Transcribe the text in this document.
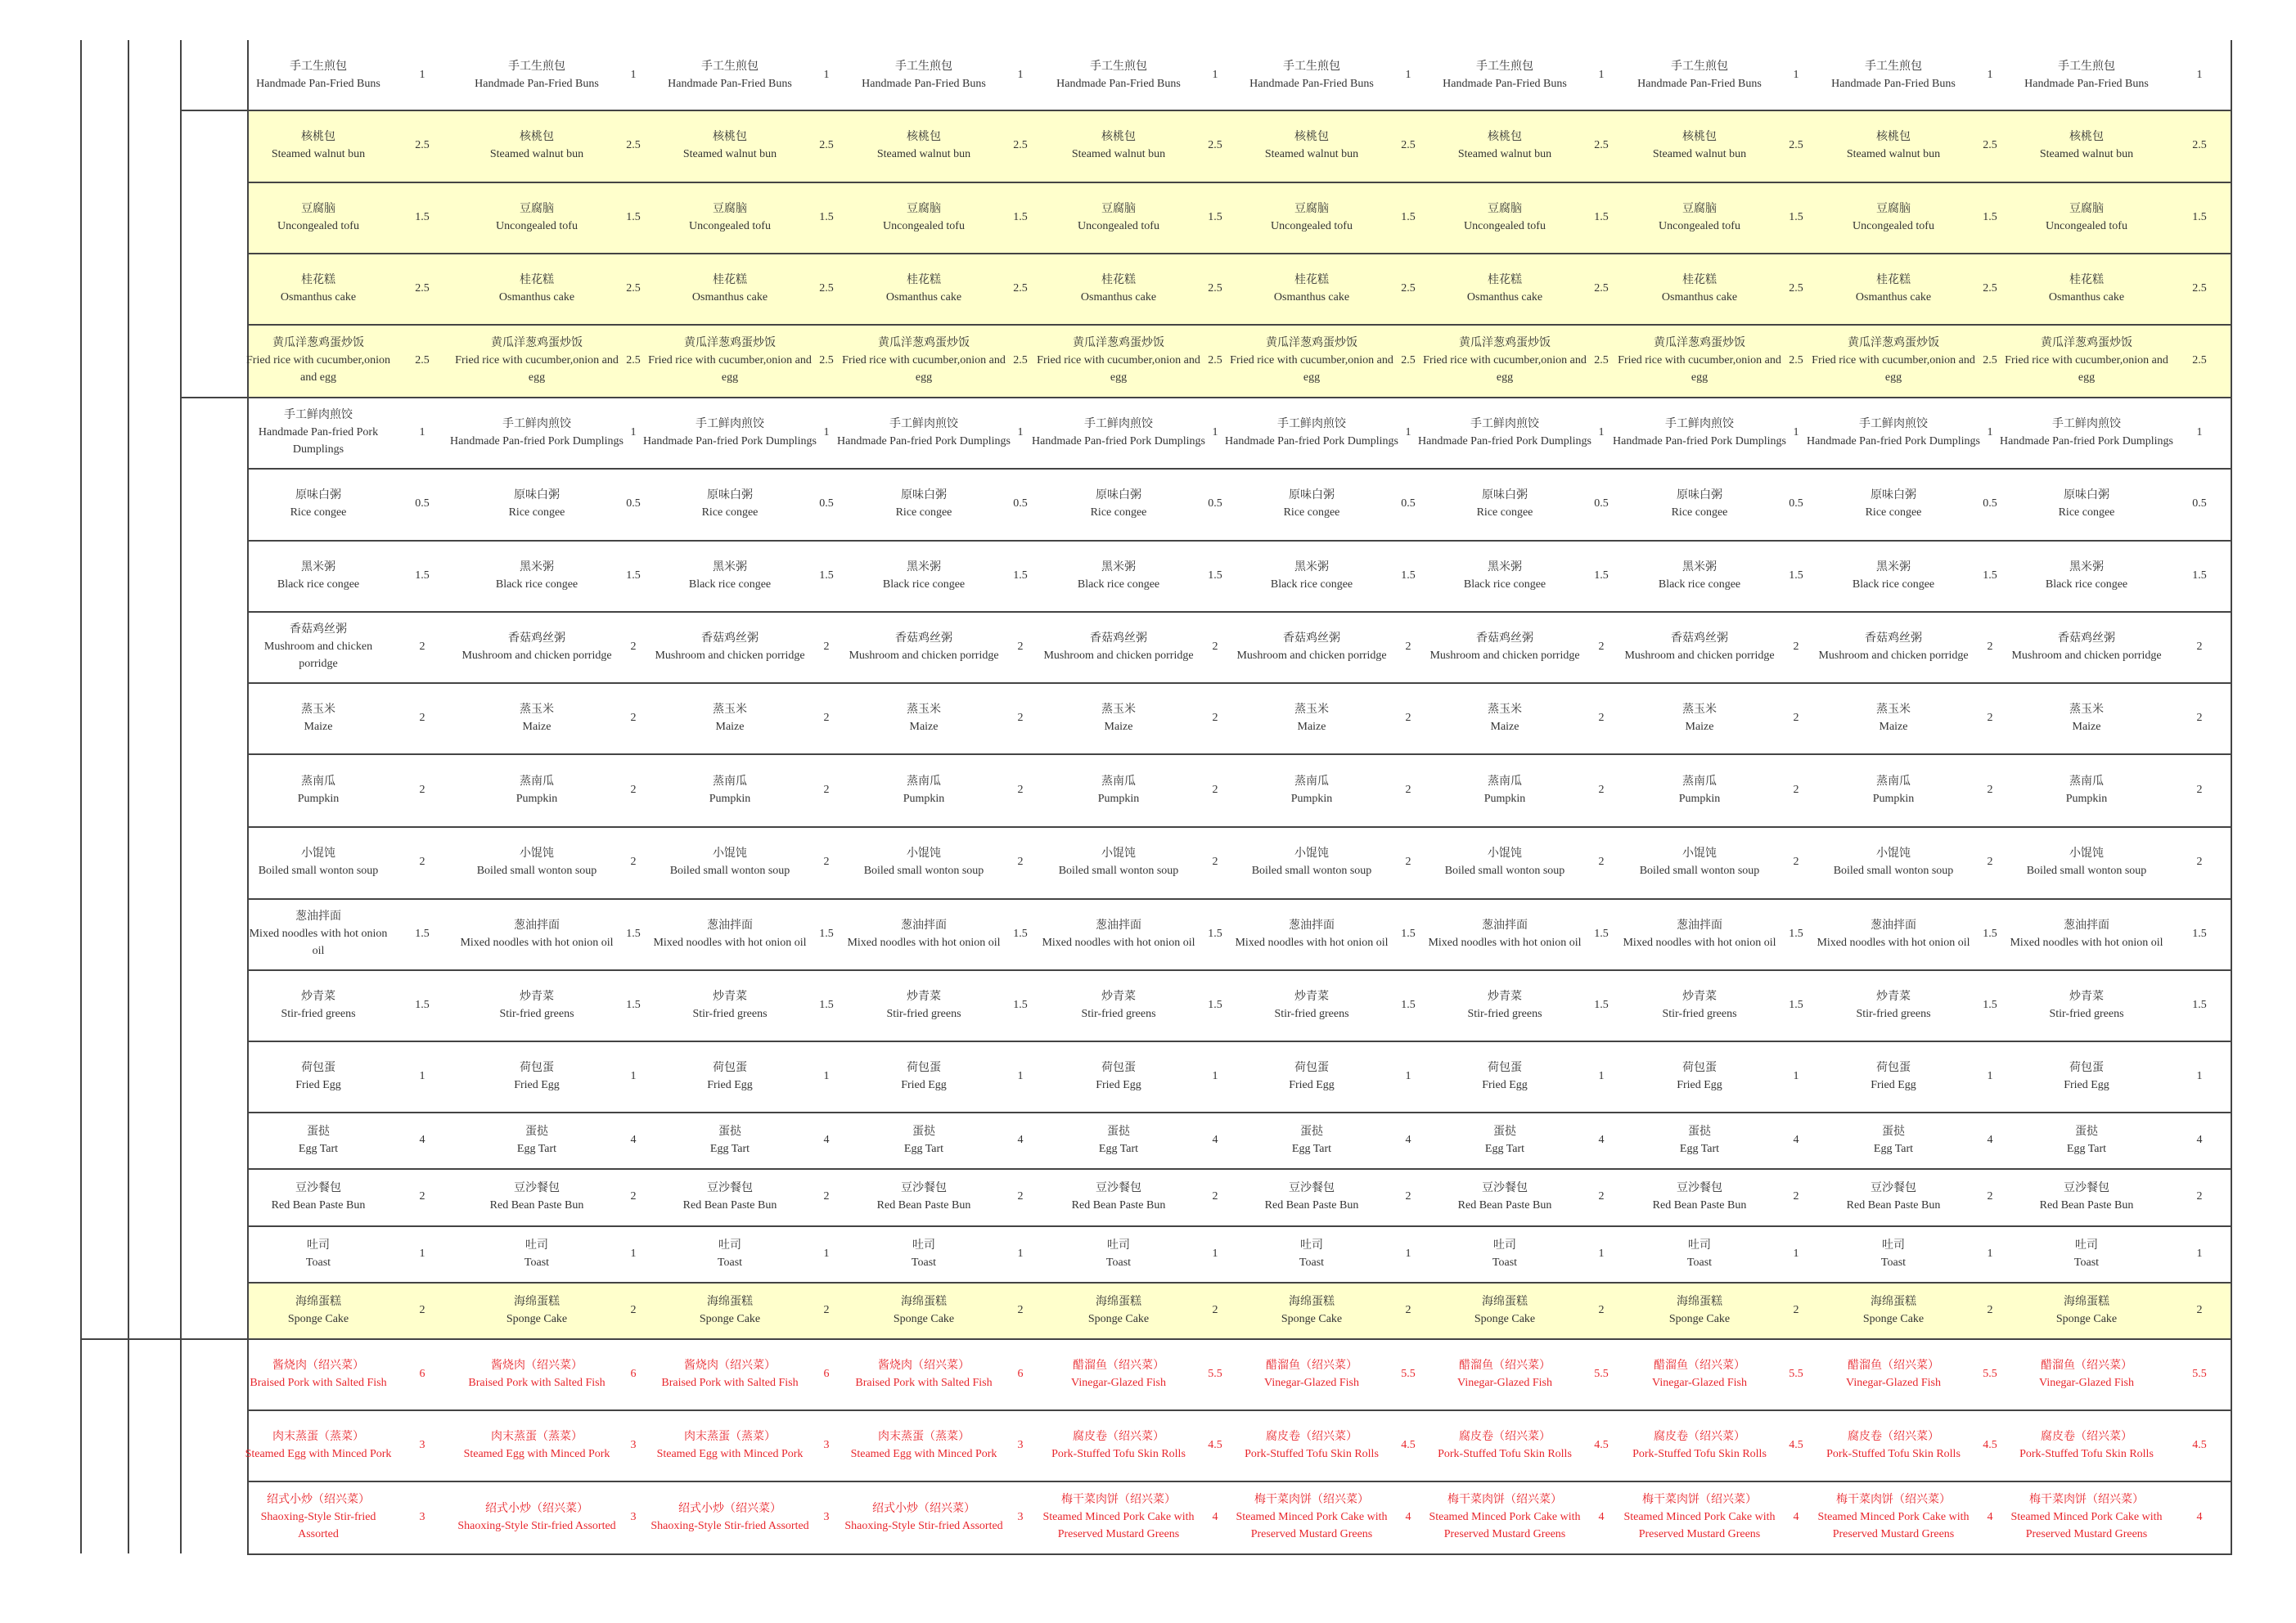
手工生煎包
Handmade Pan-Fried Buns
1
手工生煎包
Handmade Pan-Fried Buns
1
手工生煎包
Handmade Pan-Fried Buns
1
手工生煎包
Handmade Pan-Fried Buns
1
手工生煎包
Handmade Pan-Fried Buns
1
手工生煎包
Handmade Pan-Fried Buns
1
手工生煎包
Handmade Pan-Fried Buns
1
手工生煎包
Handmade Pan-Fried Buns
1
手工生煎包
Handmade Pan-Fried Buns
1
手工生煎包
Handmade Pan-Fried Buns
1
核桃包
Steamed walnut bun
2.5
核桃包
Steamed walnut bun
2.5
核桃包
Steamed walnut bun
2.5
核桃包
Steamed walnut bun
2.5
核桃包
Steamed walnut bun
2.5
核桃包
Steamed walnut bun
2.5
核桃包
Steamed walnut bun
2.5
核桃包
Steamed walnut bun
2.5
核桃包
Steamed walnut bun
2.5
核桃包
Steamed walnut bun
2.5
豆腐脑
Uncongealed tofu
1.5
豆腐脑
Uncongealed tofu
1.5
豆腐脑
Uncongealed tofu
1.5
豆腐脑
Uncongealed tofu
1.5
豆腐脑
Uncongealed tofu
1.5
豆腐脑
Uncongealed tofu
1.5
豆腐脑
Uncongealed tofu
1.5
豆腐脑
Uncongealed tofu
1.5
豆腐脑
Uncongealed tofu
1.5
豆腐脑
Uncongealed tofu
1.5
桂花糕
Osmanthus cake
2.5
桂花糕
Osmanthus cake
2.5
桂花糕
Osmanthus cake
2.5
桂花糕
Osmanthus cake
2.5
桂花糕
Osmanthus cake
2.5
桂花糕
Osmanthus cake
2.5
桂花糕
Osmanthus cake
2.5
桂花糕
Osmanthus cake
2.5
桂花糕
Osmanthus cake
2.5
桂花糕
Osmanthus cake
2.5
黄瓜洋葱鸡蛋炒饭
Fried rice with cucumber,onion and egg
2.5
黄瓜洋葱鸡蛋炒饭
Fried rice with cucumber,onion and egg
2.5
黄瓜洋葱鸡蛋炒饭
Fried rice with cucumber,onion and egg
2.5
黄瓜洋葱鸡蛋炒饭
Fried rice with cucumber,onion and egg
2.5
黄瓜洋葱鸡蛋炒饭
Fried rice with cucumber,onion and egg
2.5
黄瓜洋葱鸡蛋炒饭
Fried rice with cucumber,onion and egg
2.5
黄瓜洋葱鸡蛋炒饭
Fried rice with cucumber,onion and egg
2.5
黄瓜洋葱鸡蛋炒饭
Fried rice with cucumber,onion and egg
2.5
黄瓜洋葱鸡蛋炒饭
Fried rice with cucumber,onion and egg
2.5
黄瓜洋葱鸡蛋炒饭
Fried rice with cucumber,onion and egg
2.5
手工鲜肉煎饺
Handmade Pan-fried Pork Dumplings
1
手工鲜肉煎饺
Handmade Pan-fried Pork Dumplings
1
手工鲜肉煎饺
Handmade Pan-fried Pork Dumplings
1
手工鲜肉煎饺
Handmade Pan-fried Pork Dumplings
1
手工鲜肉煎饺
Handmade Pan-fried Pork Dumplings
1
手工鲜肉煎饺
Handmade Pan-fried Pork Dumplings
1
手工鲜肉煎饺
Handmade Pan-fried Pork Dumplings
1
手工鲜肉煎饺
Handmade Pan-fried Pork Dumplings
1
手工鲜肉煎饺
Handmade Pan-fried Pork Dumplings
1
手工鲜肉煎饺
Handmade Pan-fried Pork Dumplings
1
原味白粥
Rice congee
0.5
原味白粥
Rice congee
0.5
原味白粥
Rice congee
0.5
原味白粥
Rice congee
0.5
原味白粥
Rice congee
0.5
原味白粥
Rice congee
0.5
原味白粥
Rice congee
0.5
原味白粥
Rice congee
0.5
原味白粥
Rice congee
0.5
原味白粥
Rice congee
0.5
黑米粥
Black rice congee
1.5
黑米粥
Black rice congee
1.5
黑米粥
Black rice congee
1.5
黑米粥
Black rice congee
1.5
黑米粥
Black rice congee
1.5
黑米粥
Black rice congee
1.5
黑米粥
Black rice congee
1.5
黑米粥
Black rice congee
1.5
黑米粥
Black rice congee
1.5
黑米粥
Black rice congee
1.5
香菇鸡丝粥
Mushroom and chicken porridge
2
香菇鸡丝粥
Mushroom and chicken porridge
2
香菇鸡丝粥
Mushroom and chicken porridge
2
香菇鸡丝粥
Mushroom and chicken porridge
2
香菇鸡丝粥
Mushroom and chicken porridge
2
香菇鸡丝粥
Mushroom and chicken porridge
2
香菇鸡丝粥
Mushroom and chicken porridge
2
香菇鸡丝粥
Mushroom and chicken porridge
2
香菇鸡丝粥
Mushroom and chicken porridge
2
香菇鸡丝粥
Mushroom and chicken porridge
2
蒸玉米
Maize
2
蒸玉米
Maize
2
蒸玉米
Maize
2
蒸玉米
Maize
2
蒸玉米
Maize
2
蒸玉米
Maize
2
蒸玉米
Maize
2
蒸玉米
Maize
2
蒸玉米
Maize
2
蒸玉米
Maize
2
蒸南瓜
Pumpkin
2
蒸南瓜
Pumpkin
2
蒸南瓜
Pumpkin
2
蒸南瓜
Pumpkin
2
蒸南瓜
Pumpkin
2
蒸南瓜
Pumpkin
2
蒸南瓜
Pumpkin
2
蒸南瓜
Pumpkin
2
蒸南瓜
Pumpkin
2
蒸南瓜
Pumpkin
2
小馄饨
Boiled small wonton soup
2
小馄饨
Boiled small wonton soup
2
小馄饨
Boiled small wonton soup
2
小馄饨
Boiled small wonton soup
2
小馄饨
Boiled small wonton soup
2
小馄饨
Boiled small wonton soup
2
小馄饨
Boiled small wonton soup
2
小馄饨
Boiled small wonton soup
2
小馄饨
Boiled small wonton soup
2
小馄饨
Boiled small wonton soup
2
葱油拌面
Mixed noodles with hot onion oil
1.5
葱油拌面
Mixed noodles with hot onion oil
1.5
葱油拌面
Mixed noodles with hot onion oil
1.5
葱油拌面
Mixed noodles with hot onion oil
1.5
葱油拌面
Mixed noodles with hot onion oil
1.5
葱油拌面
Mixed noodles with hot onion oil
1.5
葱油拌面
Mixed noodles with hot onion oil
1.5
葱油拌面
Mixed noodles with hot onion oil
1.5
葱油拌面
Mixed noodles with hot onion oil
1.5
葱油拌面
Mixed noodles with hot onion oil
1.5
炒青菜
Stir-fried greens
1.5
炒青菜
Stir-fried greens
1.5
炒青菜
Stir-fried greens
1.5
炒青菜
Stir-fried greens
1.5
炒青菜
Stir-fried greens
1.5
炒青菜
Stir-fried greens
1.5
炒青菜
Stir-fried greens
1.5
炒青菜
Stir-fried greens
1.5
炒青菜
Stir-fried greens
1.5
炒青菜
Stir-fried greens
1.5
荷包蛋
Fried Egg
1
荷包蛋
Fried Egg
1
荷包蛋
Fried Egg
1
荷包蛋
Fried Egg
1
荷包蛋
Fried Egg
1
荷包蛋
Fried Egg
1
荷包蛋
Fried Egg
1
荷包蛋
Fried Egg
1
荷包蛋
Fried Egg
1
荷包蛋
Fried Egg
1
蛋挞
Egg Tart
4
蛋挞
Egg Tart
4
蛋挞
Egg Tart
4
蛋挞
Egg Tart
4
蛋挞
Egg Tart
4
蛋挞
Egg Tart
4
蛋挞
Egg Tart
4
蛋挞
Egg Tart
4
蛋挞
Egg Tart
4
蛋挞
Egg Tart
4
豆沙餐包
Red Bean Paste Bun
2
豆沙餐包
Red Bean Paste Bun
2
豆沙餐包
Red Bean Paste Bun
2
豆沙餐包
Red Bean Paste Bun
2
豆沙餐包
Red Bean Paste Bun
2
豆沙餐包
Red Bean Paste Bun
2
豆沙餐包
Red Bean Paste Bun
2
豆沙餐包
Red Bean Paste Bun
2
豆沙餐包
Red Bean Paste Bun
2
豆沙餐包
Red Bean Paste Bun
2
吐司
Toast
1
吐司
Toast
1
吐司
Toast
1
吐司
Toast
1
吐司
Toast
1
吐司
Toast
1
吐司
Toast
1
吐司
Toast
1
吐司
Toast
1
吐司
Toast
1
海绵蛋糕
Sponge Cake
2
海绵蛋糕
Sponge Cake
2
海绵蛋糕
Sponge Cake
2
海绵蛋糕
Sponge Cake
2
海绵蛋糕
Sponge Cake
2
海绵蛋糕
Sponge Cake
2
海绵蛋糕
Sponge Cake
2
海绵蛋糕
Sponge Cake
2
海绵蛋糕
Sponge Cake
2
海绵蛋糕
Sponge Cake
2
酱烧肉（绍兴菜）
Braised Pork with Salted Fish
6
酱烧肉（绍兴菜）
Braised Pork with Salted Fish
6
酱烧肉（绍兴菜）
Braised Pork with Salted Fish
6
酱烧肉（绍兴菜）
Braised Pork with Salted Fish
6
醋溜鱼（绍兴菜）
Vinegar-Glazed Fish
5.5
醋溜鱼（绍兴菜）
Vinegar-Glazed Fish
5.5
醋溜鱼（绍兴菜）
Vinegar-Glazed Fish
5.5
醋溜鱼（绍兴菜）
Vinegar-Glazed Fish
5.5
醋溜鱼（绍兴菜）
Vinegar-Glazed Fish
5.5
醋溜鱼（绍兴菜）
Vinegar-Glazed Fish
5.5
肉末蒸蛋（蒸菜）
Steamed Egg with Minced Pork
3
肉末蒸蛋（蒸菜）
Steamed Egg with Minced Pork
3
肉末蒸蛋（蒸菜）
Steamed Egg with Minced Pork
3
肉末蒸蛋（蒸菜）
Steamed Egg with Minced Pork
3
腐皮卷（绍兴菜）
Pork-Stuffed Tofu Skin Rolls
4.5
腐皮卷（绍兴菜）
Pork-Stuffed Tofu Skin Rolls
4.5
腐皮卷（绍兴菜）
Pork-Stuffed Tofu Skin Rolls
4.5
腐皮卷（绍兴菜）
Pork-Stuffed Tofu Skin Rolls
4.5
腐皮卷（绍兴菜）
Pork-Stuffed Tofu Skin Rolls
4.5
腐皮卷（绍兴菜）
Pork-Stuffed Tofu Skin Rolls
4.5
绍式小炒（绍兴菜）
Shaoxing-Style Stir-fried Assorted
3
绍式小炒（绍兴菜）
Shaoxing-Style Stir-fried Assorted
3
绍式小炒（绍兴菜）
Shaoxing-Style Stir-fried Assorted
3
绍式小炒（绍兴菜）
Shaoxing-Style Stir-fried Assorted
3
梅干菜肉饼（绍兴菜）
Steamed Minced Pork Cake with Preserved Mustard Greens
4
梅干菜肉饼（绍兴菜）
Steamed Minced Pork Cake with Preserved Mustard Greens
4
梅干菜肉饼（绍兴菜）
Steamed Minced Pork Cake with Preserved Mustard Greens
4
梅干菜肉饼（绍兴菜）
Steamed Minced Pork Cake with Preserved Mustard Greens
4
梅干菜肉饼（绍兴菜）
Steamed Minced Pork Cake with Preserved Mustard Greens
4
梅干菜肉饼（绍兴菜）
Steamed Minced Pork Cake with Preserved Mustard Greens
4
